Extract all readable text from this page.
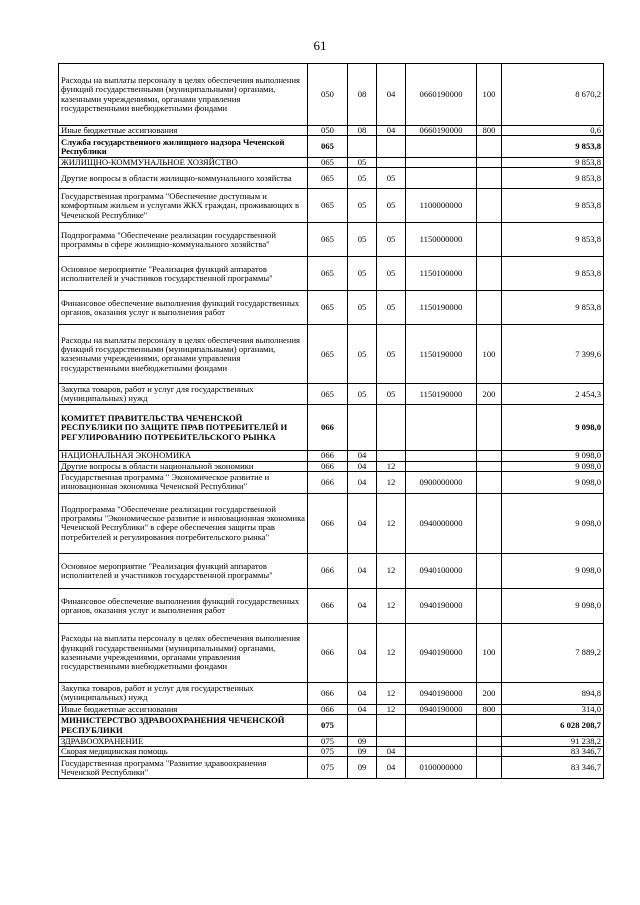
61
Расходы на выплаты персоналу в целях обеспечения выполнения функций государственными (муниципальными) органами, казенными учреждениями, органами управления государственными внебюджетными фондами	050	08	04	0660190000	100	8 670,2
Иные бюджетные ассигнования	050	08	04	0660190000	800	0,6
Служба государственного жилищного надзора Чеченской Республики	065					9 853,8
ЖИЛИЩНО-КОММУНАЛЬНОЕ ХОЗЯЙСТВО	065	05				9 853,8
Другие вопросы в области жилищно-коммунального хозяйства	065	05	05			9 853,8
Государственная программа "Обеспечение доступным и комфортным жильем и услугами ЖКХ граждан, проживающих в Чеченской Республике"	065	05	05	1100000000		9 853,8
Подпрограмма "Обеспечение реализации государственной программы в сфере жилищно-коммунального хозяйства"	065	05	05	1150000000		9 853,8
Основное мероприятие "Реализация функций аппаратов исполнителей и участников государственной программы"	065	05	05	1150100000		9 853,8
Финансовое обеспечение выполнения функций государственных органов, оказания услуг и выполнения работ	065	05	05	1150190000		9 853,8
Расходы на выплаты персоналу в целях обеспечения выполнения функций государственными (муниципальными) органами, казенными учреждениями, органами управления государственными внебюджетными фондами	065	05	05	1150190000	100	7 399,6
Закупка товаров, работ и услуг для государственных (муниципальных) нужд	065	05	05	1150190000	200	2 454,3
КОМИТЕТ ПРАВИТЕЛЬСТВА ЧЕЧЕНСКОЙ РЕСПУБЛИКИ ПО ЗАЩИТЕ ПРАВ ПОТРЕБИТЕЛЕЙ И РЕГУЛИРОВАНИЮ ПОТРЕБИТЕЛЬСКОГО РЫНКА	066					9 098,0
НАЦИОНАЛЬНАЯ ЭКОНОМИКА	066	04				9 098,0
Другие вопросы в области национальной экономики	066	04	12			9 098,0
Государственная программа " Экономическое развитие и инновационная экономика Чеченской Республики"	066	04	12	0900000000		9 098,0
Подпрограмма "Обеспечение реализации государственной программы "Экономическое развитие и инновационная экономика Чеченской Республики" в сфере обеспечения защиты прав потребителей и регулирования потребительского рынка"	066	04	12	0940000000		9 098,0
Основное мероприятие "Реализация функций аппаратов исполнителей и участников государственной программы"	066	04	12	0940100000		9 098,0
Финансовое обеспечение выполнения функций государственных органов, оказания услуг и выполнения работ	066	04	12	0940190000		9 098,0
Расходы на выплаты персоналу в целях обеспечения выполнения функций государственными (муниципальными) органами, казенными учреждениями, органами управления государственными внебюджетными фондами	066	04	12	0940190000	100	7 889,2
Закупка товаров, работ и услуг для государственных (муниципальных) нужд	066	04	12	0940190000	200	894,8
Иные бюджетные ассигнования	066	04	12	0940190000	800	314,0
МИНИСТЕРСТВО ЗДРАВООХРАНЕНИЯ ЧЕЧЕНСКОЙ РЕСПУБЛИКИ	075					6 028 208,7
ЗДРАВООХРАНЕНИЕ	075	09				91 238,2
Скорая медицинская помощь	075	09	04			83 346,7
Государственная программа "Развитие здравоохранения Чеченской Республики"	075	09	04	0100000000		83 346,7
